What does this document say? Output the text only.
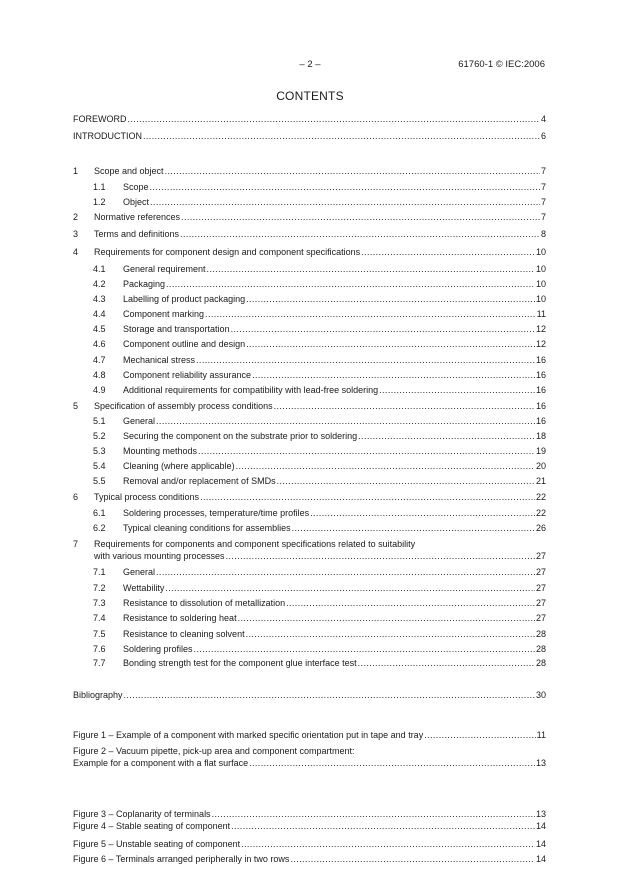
– 2 –	61760-1 © IEC:2006
CONTENTS
FOREWORD .....	4
INTRODUCTION .....	6
1	Scope and object .....	7
1.1	Scope .....	7
1.2	Object .....	7
2	Normative references .....	7
3	Terms and definitions .....	8
4	Requirements for component design and component specifications .....	10
4.1	General requirement .....	10
4.2	Packaging .....	10
4.3	Labelling of product packaging .....	10
4.4	Component marking .....	11
4.5	Storage and transportation .....	12
4.6	Component outline and design .....	12
4.7	Mechanical stress .....	16
4.8	Component reliability assurance .....	16
4.9	Additional requirements for compatibility with lead-free soldering .....	16
5	Specification of assembly process conditions .....	16
5.1	General .....	16
5.2	Securing the component on the substrate prior to soldering .....	18
5.3	Mounting methods .....	19
5.4	Cleaning (where applicable) .....	20
5.5	Removal and/or replacement of SMDs .....	21
6	Typical process conditions .....	22
6.1	Soldering processes, temperature/time profiles .....	22
6.2	Typical cleaning conditions for assemblies .....	26
7 Requirements for components and component specifications related to suitability
with various mounting processes .....	27
7.1	General .....	27
7.2	Wettability .....	27
7.3	Resistance to dissolution of metallization .....	27
7.4	Resistance to soldering heat .....	27
7.5	Resistance to cleaning solvent .....	28
7.6	Soldering profiles .....	28
7.7	Bonding strength test for the component glue interface test .....	28
Bibliography .....	30
Figure 1 – Example of a component with marked specific orientation put in tape and tray .....	11
Figure 2 – Vacuum pipette, pick-up area and component compartment:
Example for a component with a flat surface .....	13
Figure 3 – Coplanarity of terminals .....	13
Figure 4 – Stable seating of component .....	14
Figure 5 – Unstable seating of component .....	14
Figure 6 – Terminals arranged peripherally in two rows .....	14
